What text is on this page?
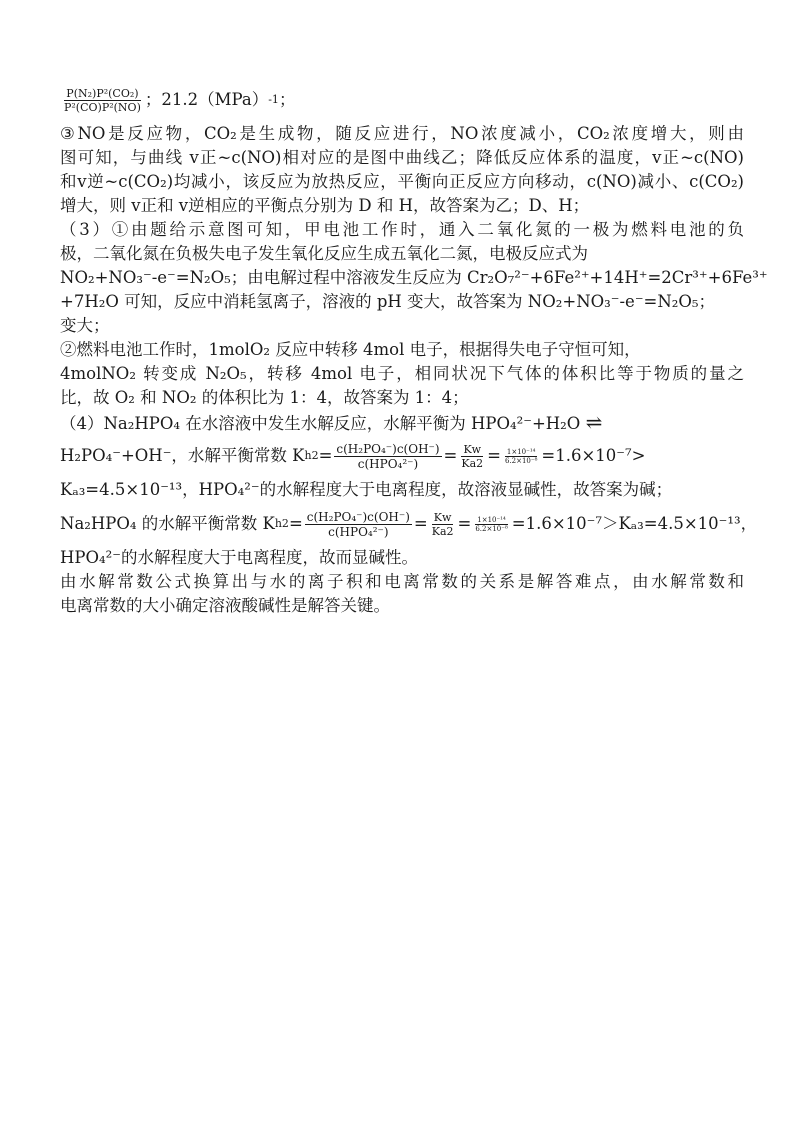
$\frac{\text{P(N₂)P²(CO₂)}}{\text{P²(CO)P²(NO)}}$ ；21.2（MPa） -1 ；
③NO是反应物，CO₂是生成物，随反应进行，NO浓度减小，CO₂浓度增大，则由
图可知，与曲线 v正~c(NO)相对应的是图中曲线乙；降低反应体系的温度，v正~c(NO)
和v逆~c(CO₂)均减小，该反应为放热反应，平衡向正反应方向移动，c(NO)减小、c(CO₂)
增大，则 v正和 v逆相应的平衡点分别为 D 和 H，故答案为乙；D、H；
（3）①由题给示意图可知，甲电池工作时，通入二氧化氮的一极为燃料电池的负
极，二氧化氮在负极失电子发生氧化反应生成五氧化二氮，电极反应式为
NO₂+NO₃⁻-e⁻=N₂O₅；由电解过程中溶液发生反应为 Cr₂O₇²⁻+6Fe²⁺+14H⁺=2Cr³⁺+6Fe³⁺
+7H₂O 可知，反应中消耗氢离子，溶液的 pH 变大，故答案为 NO₂+NO₃⁻-e⁻=N₂O₅；
变大；
②燃料电池工作时，1molO₂ 反应中转移 4mol 电子，根据得失电子守恒可知，
4molNO₂ 转变成 N₂O₅，转移 4mol 电子，相同状况下气体的体积比等于物质的量之
比，故 O₂ 和 NO₂ 的体积比为 1：4，故答案为 1：4；
（4）Na₂HPO₄ 在水溶液中发生水解反应，水解平衡为 HPO₄²⁻+H₂O ⇌
H₂PO₄⁻+OH⁻，水解平衡常数 K $h2 = \frac{\text{c(H₂PO₄⁻)c(OH⁻)}}{\text{c(HPO₄²⁻)}} = \frac{Kw}{Ka2} = \frac{\text{1×10⁻¹⁴}}{\text{6.2×10⁻⁸}} =1.6\times 10^{-7}>$
Kₐ₃=4.5×10⁻¹³，HPO₄²⁻的水解程度大于电离程度，故溶液显碱性，故答案为碱；
Na₂HPO₄ 的水解平衡常数 K $h2 = \frac{\text{c(H₂PO₄⁻)c(OH⁻)}}{\text{c(HPO₄²⁻)}} = \frac{Kw}{Ka2} = \frac{\text{1×10⁻¹⁴}}{\text{6.2×10⁻⁸}} =1.6\times 10^{-7}>K_{a3}=4.5\times 10^{-13}$，
HPO₄²⁻的水解程度大于电离程度，故而显碱性。
由水解常数公式换算出与水的离子积和电离常数的关系是解答难点，由水解常数和
电离常数的大小确定溶液酸碱性是解答关键。
